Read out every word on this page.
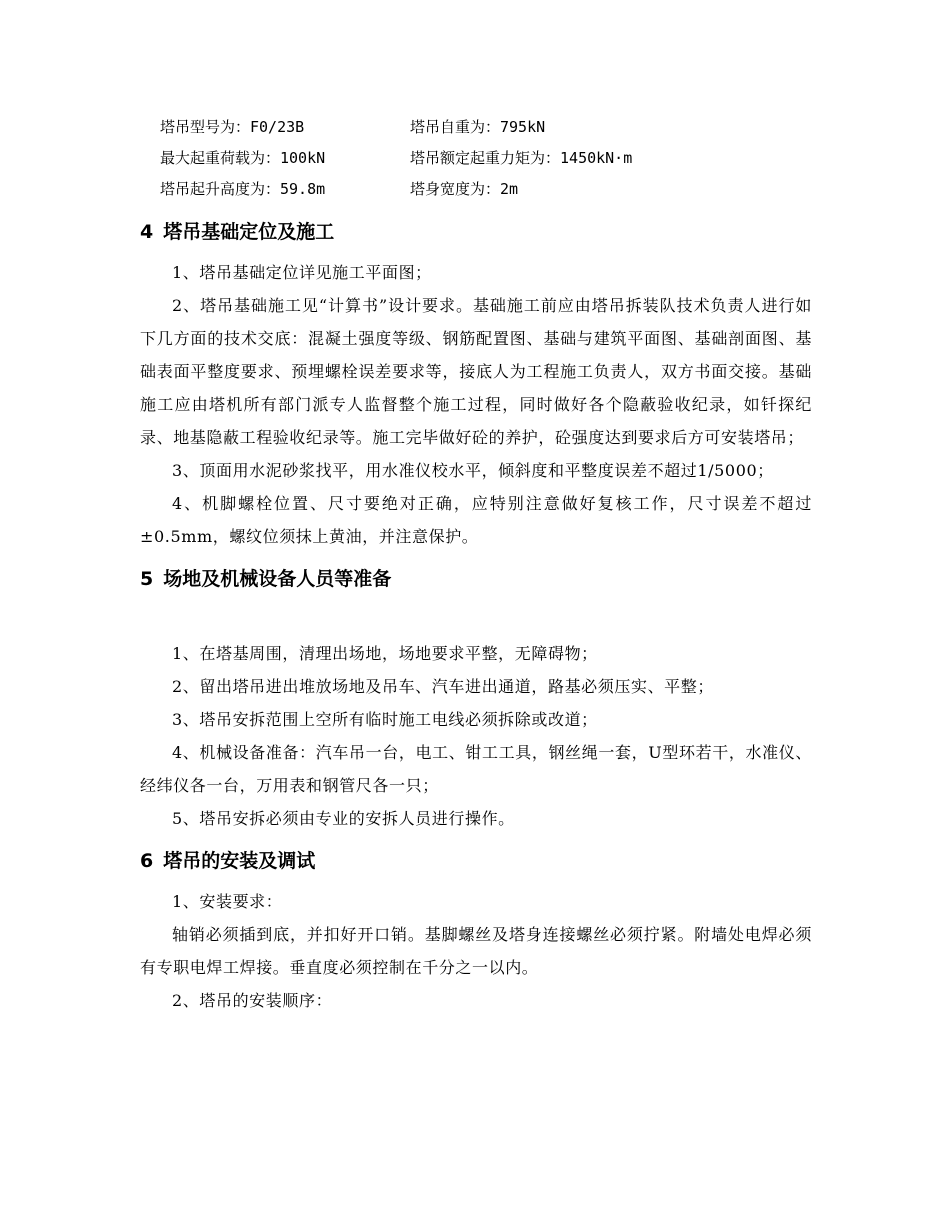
塔吊型号为：F0/23B	塔吊自重为：795kN
最大起重荷载为：100kN	塔吊额定起重力矩为：1450kN·m
塔吊起升高度为：59.8m	塔身宽度为：2m
4 塔吊基础定位及施工

1、塔吊基础定位详见施工平面图；

2、塔吊基础施工见“计算书”设计要求。基础施工前应由塔吊拆装队技术负责人进行如下几方面的技术交底：混凝土强度等级、钢筋配置图、基础与建筑平面图、基础剖面图、基础表面平整度要求、预埋螺栓误差要求等，接底人为工程施工负责人，双方书面交接。基础施工应由塔机所有部门派专人监督整个施工过程，同时做好各个隐蔽验收纪录，如钎探纪录、地基隐蔽工程验收纪录等。施工完毕做好砼的养护，砼强度达到要求后方可安装塔吊；

3、顶面用水泥砂浆找平，用水准仪校水平，倾斜度和平整度误差不超过1/5000；

4、机脚螺栓位置、尺寸要绝对正确，应特别注意做好复核工作，尺寸误差不超过±0.5mm，螺纹位须抹上黄油，并注意保护。

5 场地及机械设备人员等准备

1、在塔基周围，清理出场地，场地要求平整，无障碍物；

2、留出塔吊进出堆放场地及吊车、汽车进出通道，路基必须压实、平整；

3、塔吊安拆范围上空所有临时施工电线必须拆除或改道；

4、机械设备准备：汽车吊一台，电工、钳工工具，钢丝绳一套，U型环若干，水准仪、经纬仪各一台，万用表和钢管尺各一只；

5、塔吊安拆必须由专业的安拆人员进行操作。

6 塔吊的安装及调试

1、安装要求：

轴销必须插到底，并扣好开口销。基脚螺丝及塔身连接螺丝必须拧紧。附墙处电焊必须有专职电焊工焊接。垂直度必须控制在千分之一以内。

2、塔吊的安装顺序：
